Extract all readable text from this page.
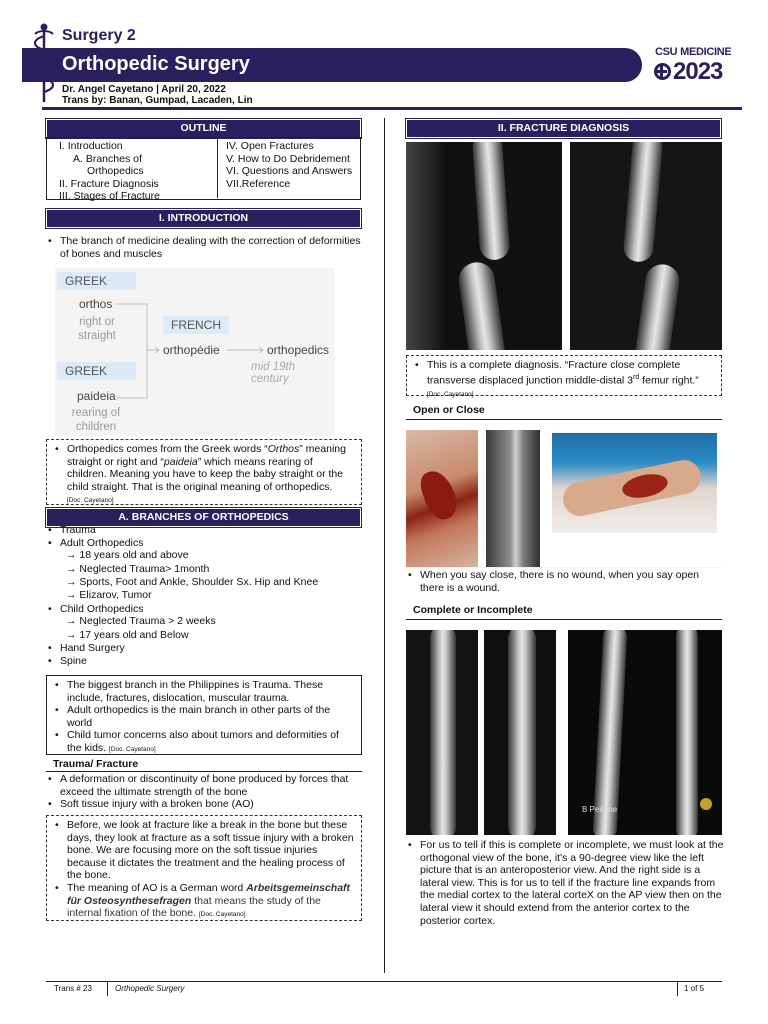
Surgery 2
Orthopedic Surgery
CSU MEDICINE
2023
Dr. Angel Cayetano | April 20, 2022
Trans by: Banan, Gumpad, Lacaden, Lin
OUTLINE
I. Introduction
A. Branches of
Orthopedics
II. Fracture Diagnosis
III. Stages of Fracture
IV. Open Fractures
V. How to Do Debridement
VI. Questions and Answers
VII.Reference
I. INTRODUCTION
• The branch of medicine dealing with the correction of deformities of bones and muscles
GREEK
orthos
right or straight
GREEK
paideia
rearing of children
FRENCH
orthopédie	orthopedics
mid 19th century
• Orthopedics comes from the Greek words “Orthos” meaning straight or right and “paideia” which means rearing of children. Meaning you have to keep the baby straight or the child straight. That is the original meaning of orthopedics.
[Doc. Cayetano]
A. BRANCHES OF ORTHOPEDICS
• Trauma
• Adult Orthopedics
→ 18 years old and above
→ Neglected Trauma> 1month
→ Sports, Foot and Ankle, Shoulder Sx. Hip and Knee
→ Elizarov, Tumor
• Child Orthopedics
→ Neglected Trauma > 2 weeks
→ 17 years old and Below
• Hand Surgery
• Spine
• The biggest branch in the Philippines is Trauma. These include, fractures, dislocation, muscular trauma.
• Adult orthopedics is the main branch in other parts of the world
• Child tumor concerns also about tumors and deformities of the kids. [Doc. Cayetano]
Trauma/ Fracture
• A deformation or discontinuity of bone produced by forces that exceed the ultimate strength of the bone
• Soft tissue injury with a broken bone (AO)
• Before, we look at fracture like a break in the bone but these days, they look at fracture as a soft tissue injury with a broken bone. We are focusing more on the soft tissue injuries because it dictates the treatment and the healing process of the bone.
• The meaning of AO is a German word Arbeitsgemeinschaft für Osteosynthesefragen that means the study of the internal fixation of the bone. [Doc. Cayetano]
II. FRACTURE DIAGNOSIS
• This is a complete diagnosis. “Fracture close complete transverse displaced junction middle-distal 3rd femur right.”
[Doc. Cayetano]
Open or Close
• When you say close, there is no wound, when you say open there is a wound.
Complete or Incomplete
B Peirone
• For us to tell if this is complete or incomplete, we must look at the orthogonal view of the bone, it's a 90-degree view like the left picture that is an anteroposterior view. And the right side is a lateral view. This is for us to tell if the fracture line expands from the medial cortex to the lateral corteX on the AP view then on the lateral view it should extend from the anterior cortex to the posterior cortex.
Trans # 23	Orthopedic Surgery	1 of 5
